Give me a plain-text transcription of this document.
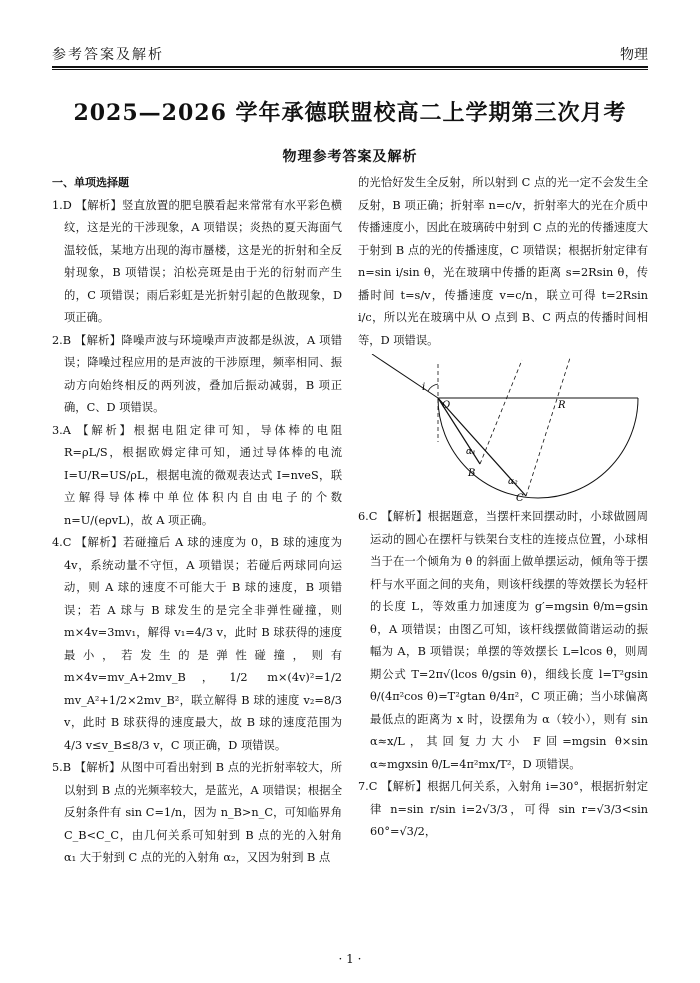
参考答案及解析	物理
2025—2026 学年承德联盟校高二上学期第三次月考
物理参考答案及解析
一、单项选择题

1.D 【解析】竖直放置的肥皂膜看起来常常有水平彩色横纹，这是光的干涉现象，A 项错误；炎热的夏天海面气温较低，某地方出现的海市蜃楼，这是光的折射和全反射现象，B 项错误；泊松亮斑是由于光的衍射而产生的，C 项错误；雨后彩虹是光折射引起的色散现象，D 项正确。

2.B 【解析】降噪声波与环境噪声声波都是纵波，A 项错误；降噪过程应用的是声波的干涉原理，频率相同、振动方向始终相反的两列波，叠加后振动减弱，B 项正确，C、D 项错误。

3.A 【解析】根据电阻定律可知，导体棒的电阻 R=ρL/S，根据欧姆定律可知，通过导体棒的电流 I=U/R=US/ρL，根据电流的微观表达式 I=nveS，联立解得导体棒中单位体积内自由电子的个数 n=U/(eρvL)，故 A 项正确。

4.C 【解析】若碰撞后 A 球的速度为 0，B 球的速度为 4v，系统动量不守恒，A 项错误；若碰后两球同向运动，则 A 球的速度不可能大于 B 球的速度，B 项错误；若 A 球与 B 球发生的是完全非弹性碰撞，则 m×4v=3mv₁，解得 v₁=4/3 v，此时 B 球获得的速度最小，若发生的是弹性碰撞，则有 m×4v=mv_A+2mv_B，1/2 m×(4v)²=1/2 mv_A²+1/2×2mv_B²，联立解得 B 球的速度 v₂=8/3 v，此时 B 球获得的速度最大，故 B 球的速度范围为 4/3 v≤v_B≤8/3 v，C 项正确，D 项错误。

5.B 【解析】从图中可看出射到 B 点的光折射率较大，所以射到 B 点的光频率较大，是蓝光，A 项错误；根据全反射条件有 sin C=1/n，因为 n_B>n_C，可知临界角 C_B<C_C，由几何关系可知射到 B 点的光的入射角 α₁ 大于射到 C 点的光的入射角 α₂，又因为射到 B 点

的光恰好发生全反射，所以射到 C 点的光一定不会发生全反射，B 项正确；折射率 n=c/v，折射率大的光在介质中传播速度小，因此在玻璃砖中射到 C 点的光的传播速度大于射到 B 点的光的传播速度，C 项错误；根据折射定律有 n=sin i/sin θ，光在玻璃中传播的距离 s=2Rsin θ，传播时间 t=s/v，传播速度 v=c/n，联立可得 t=2Rsin i/c，所以光在玻璃中从 O 点到 B、C 两点的传播时间相等，D 项错误。

i
O	R
α₁
α₂
B
C

6.C 【解析】根据题意，当摆杆来回摆动时，小球做圆周运动的圆心在摆杆与铁架台支柱的连接点位置，小球相当于在一个倾角为 θ 的斜面上做单摆运动，倾角等于摆杆与水平面之间的夹角，则该杆线摆的等效摆长为轻杆的长度 L，等效重力加速度为 g′=mgsin θ/m=gsin θ，A 项错误；由图乙可知，该杆线摆做简谐运动的振幅为 A，B 项错误；单摆的等效摆长 L=lcos θ，则周期公式 T=2π√(lcos θ/gsin θ)，细线长度 l=T²gsin θ/(4π²cos θ)=T²gtan θ/4π²，C 项正确；当小球偏离最低点的距离为 x 时，设摆角为 α（较小），则有 sin α≈x/L，其回复力大小 F回=mgsin θ×sin α≈mgxsin θ/L=4π²mx/T²，D 项错误。

7.C 【解析】根据几何关系，入射角 i=30°，根据折射定律 n=sin r/sin i=2√3/3，可得 sin r=√3/3<sin 60°=√3/2，

· 1 ·
